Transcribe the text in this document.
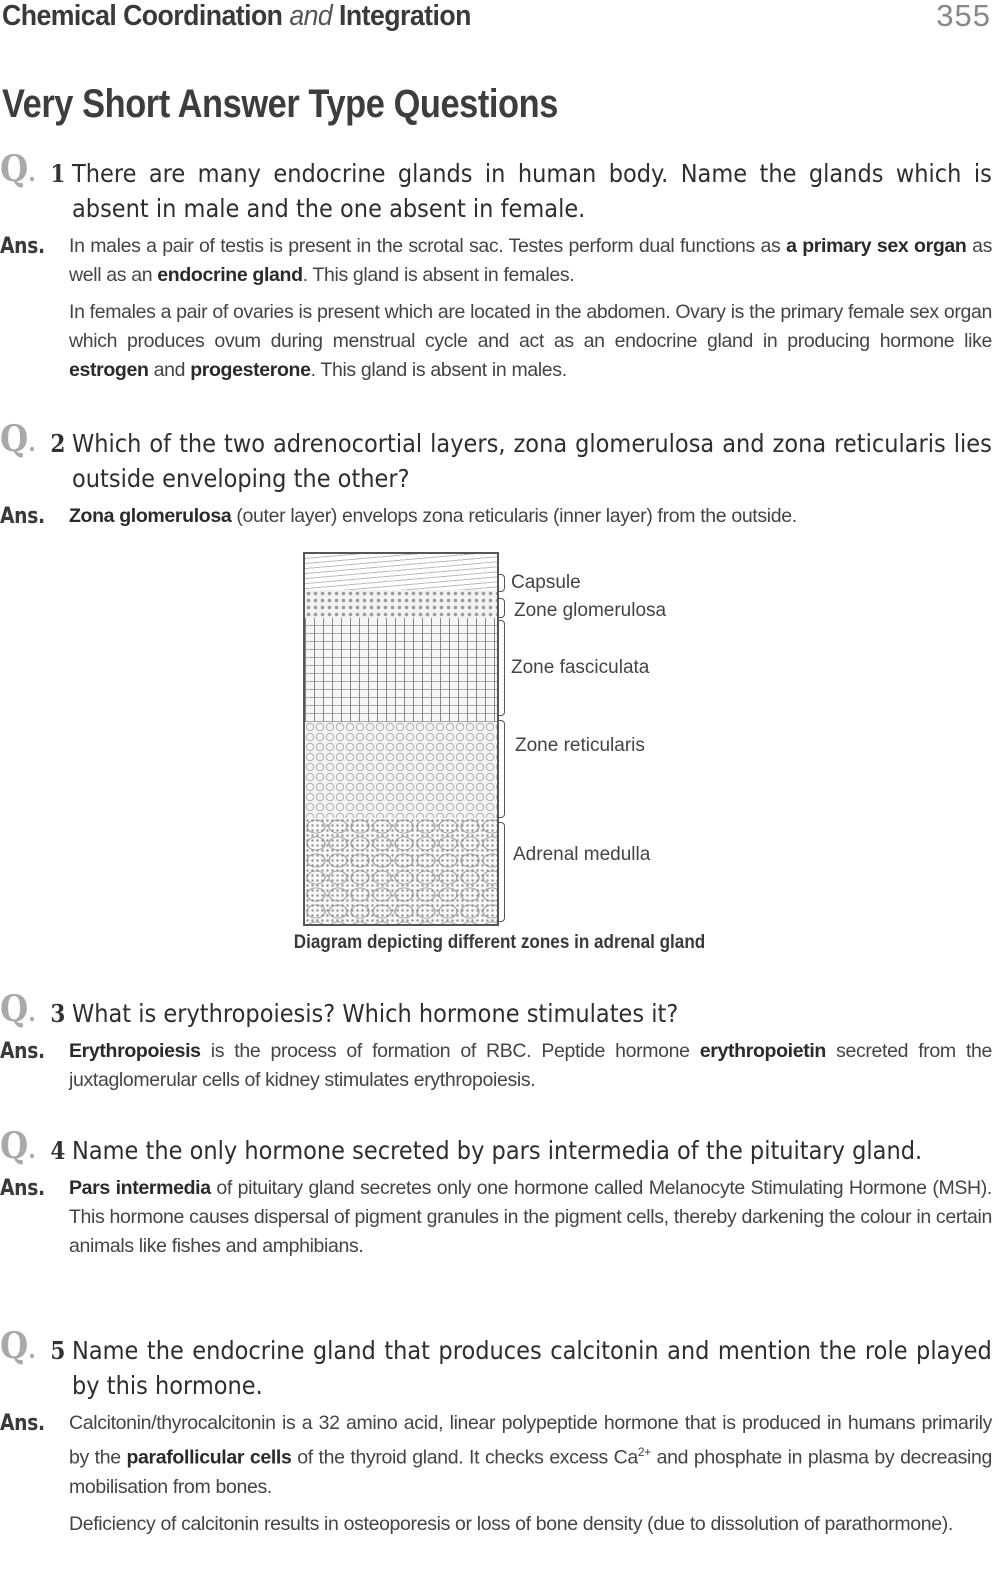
Chemical Coordination and Integration	355
Very Short Answer Type Questions
Q. 1 There are many endocrine glands in human body. Name the glands which is absent in male and the one absent in female.
Ans. In males a pair of testis is present in the scrotal sac. Testes perform dual functions as a primary sex organ as well as an endocrine gland. This gland is absent in females.

In females a pair of ovaries is present which are located in the abdomen. Ovary is the primary female sex organ which produces ovum during menstrual cycle and act as an endocrine gland in producing hormone like estrogen and progesterone. This gland is absent in males.

Q. 2 Which of the two adrenocortial layers, zona glomerulosa and zona reticularis lies outside enveloping the other?
Ans. Zona glomerulosa (outer layer) envelops zona reticularis (inner layer) from the outside.

Capsule
Zone glomerulosa
Zone fasciculata
Zone reticularis
Adrenal medulla
Diagram depicting different zones in adrenal gland
Q. 3 What is erythropoiesis? Which hormone stimulates it?
Ans. Erythropoiesis is the process of formation of RBC. Peptide hormone erythropoietin secreted from the juxtaglomerular cells of kidney stimulates erythropoiesis.

Q. 4 Name the only hormone secreted by pars intermedia of the pituitary gland.
Ans. Pars intermedia of pituitary gland secretes only one hormone called Melanocyte Stimulating Hormone (MSH). This hormone causes dispersal of pigment granules in the pigment cells, thereby darkening the colour in certain animals like fishes and amphibians.

Q. 5 Name the endocrine gland that produces calcitonin and mention the role played by this hormone.
Ans. Calcitonin/thyrocalcitonin is a 32 amino acid, linear polypeptide hormone that is produced in humans primarily by the parafollicular cells of the thyroid gland. It checks excess $Ca^{2+}$ and phosphate in plasma by decreasing mobilisation from bones.

Deficiency of calcitonin results in osteoporesis or loss of bone density (due to dissolution of parathormone).
